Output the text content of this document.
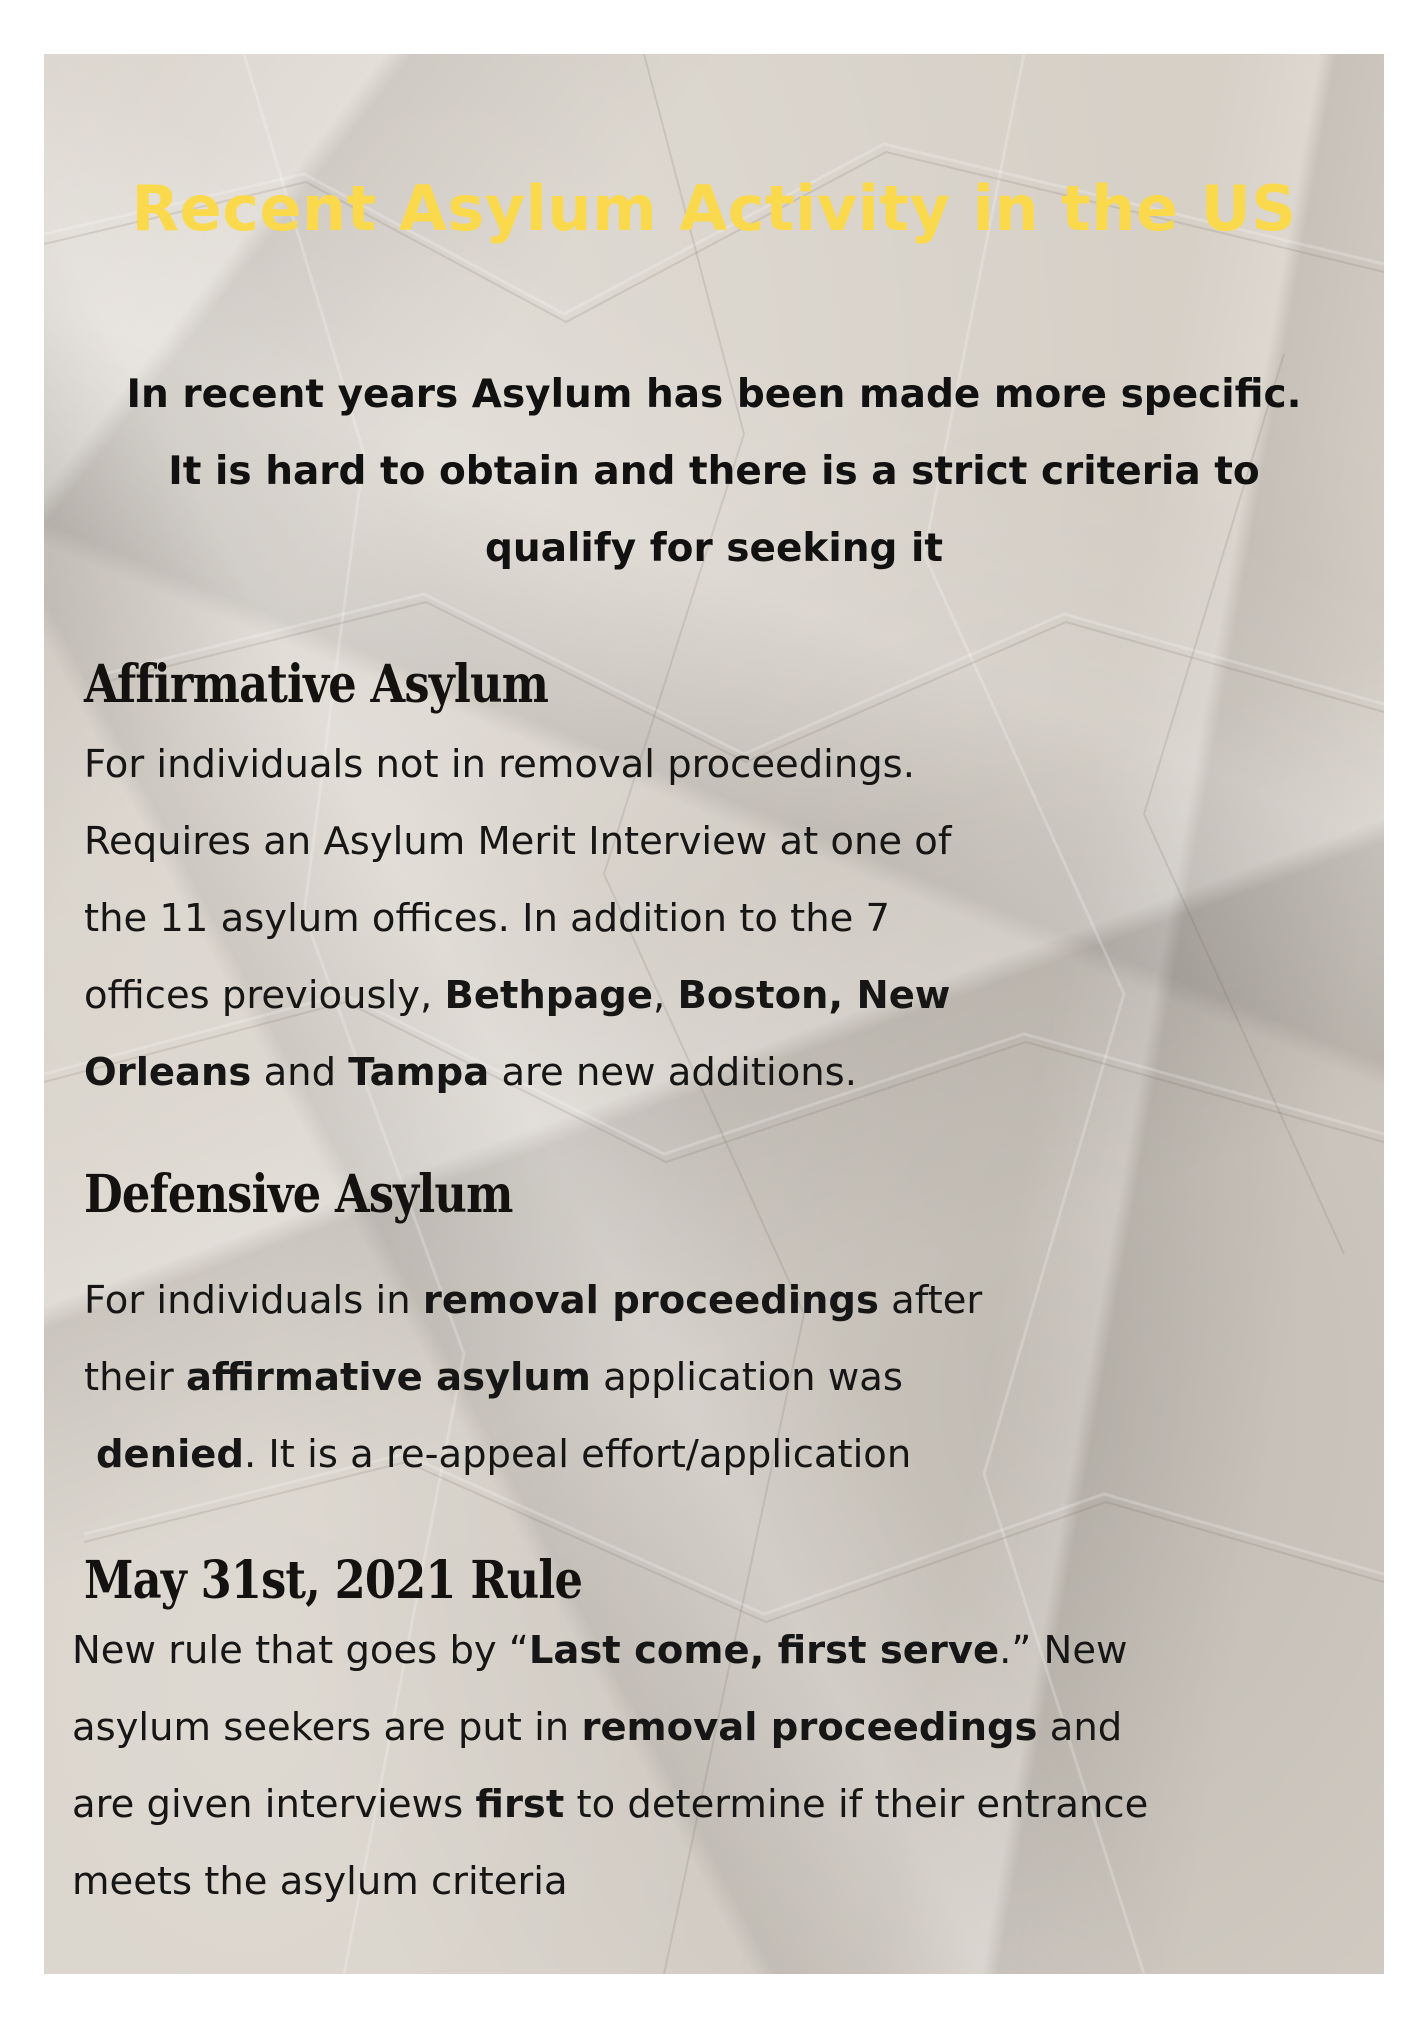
Recent Asylum Activity in the US

In recent years Asylum has been made more specific.
It is hard to obtain and there is a strict criteria to
qualify for seeking it

Affirmative Asylum

For individuals not in removal proceedings.
Requires an Asylum Merit Interview at one of
the 11 asylum offices. In addition to the 7
offices previously, Bethpage, Boston, New
Orleans and Tampa are new additions.

Defensive Asylum

For individuals in removal proceedings after
their affirmative asylum application was
denied. It is a re-appeal effort/application

May 31st, 2021 Rule

New rule that goes by “Last come, first serve.” New
asylum seekers are put in removal proceedings and
are given interviews first to determine if their entrance
meets the asylum criteria
